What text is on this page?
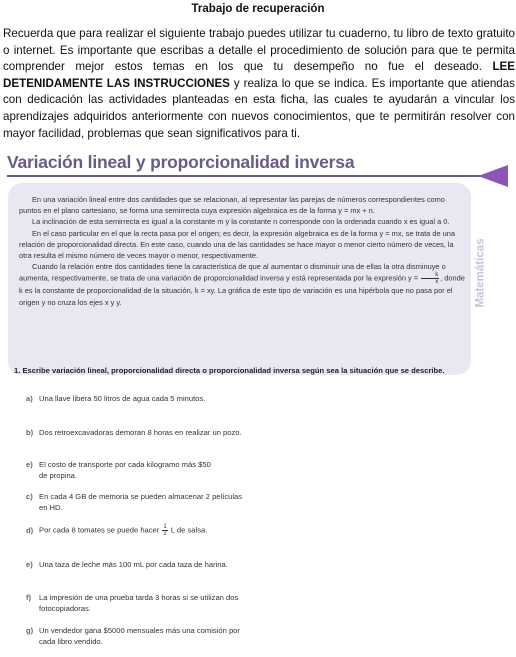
Trabajo de recuperación
Recuerda que para realizar el siguiente trabajo puedes utilizar tu cuaderno, tu libro de texto gratuito o internet. Es importante que escribas a detalle el procedimiento de solución para que te permita comprender mejor estos temas en los que tu desempeño no fue el deseado. LEE DETENIDAMENTE LAS INSTRUCCIONES y realiza lo que se indica. Es importante que atiendas con dedicación las actividades planteadas en esta ficha, las cuales te ayudarán a vincular los aprendizajes adquiridos anteriormente con nuevos conocimientos, que te permitirán resolver con mayor facilidad, problemas que sean significativos para ti.
Variación lineal y proporcionalidad inversa

En una variación lineal entre dos cantidades que se relacionan, al representar las parejas de números correspondientes como puntos en el plano cartesiano, se forma una semirrecta cuya expresión algebraica es de la forma y = mx + n.

La inclinación de esta semirrecta es igual a la constante m y la constante n corresponde con la ordenada cuando x es igual a 0.

En el caso particular en el que la recta pasa por el origen; es decir, la expresión algebraica es de la forma y = mx, se trata de una relación de proporcionalidad directa. En este caso, cuando una de las cantidades se hace mayor o menor cierto número de veces, la otra resulta el mismo número de veces mayor o menor, respectivamente.

Cuando la relación entre dos cantidades tiene la característica de que al aumentar o disminuir una de ellas la otra disminuye o aumenta, respectivamente, se trata de una variación de proporcionalidad inversa y está representada por la expresión $y = \frac{k}{x}$ , donde k es la constante de proporcionalidad de la situación, k = xy. La gráfica de este tipo de variación es una hipérbola que no pasa por el origen y no cruza los ejes x y y.	Matemáticas
1. Escribe variación lineal, proporcionalidad directa o proporcionalidad inversa según sea la situación que se describe.
a) Una llave libera 50 litros de agua cada 5 minutos.
b) Dos retroexcavadoras demoran 8 horas en realizar un pozo.
e) El costo de transporte por cada kilogramo más $50
de propina.
c) En cada 4 GB de memoria se pueden almacenar 2 películas
en HD.
d) Por cada 8 tomates se puede hacer $\frac{1}{2}$ L de salsa.
e) Una taza de leche más 100 mL por cada taza de harina.
f) La impresión de una prueba tarda 3 horas si se utilizan dos
fotocopiadoras.
g) Un vendedor gana $5000 mensuales más una comisión por
cada libro vendido.
